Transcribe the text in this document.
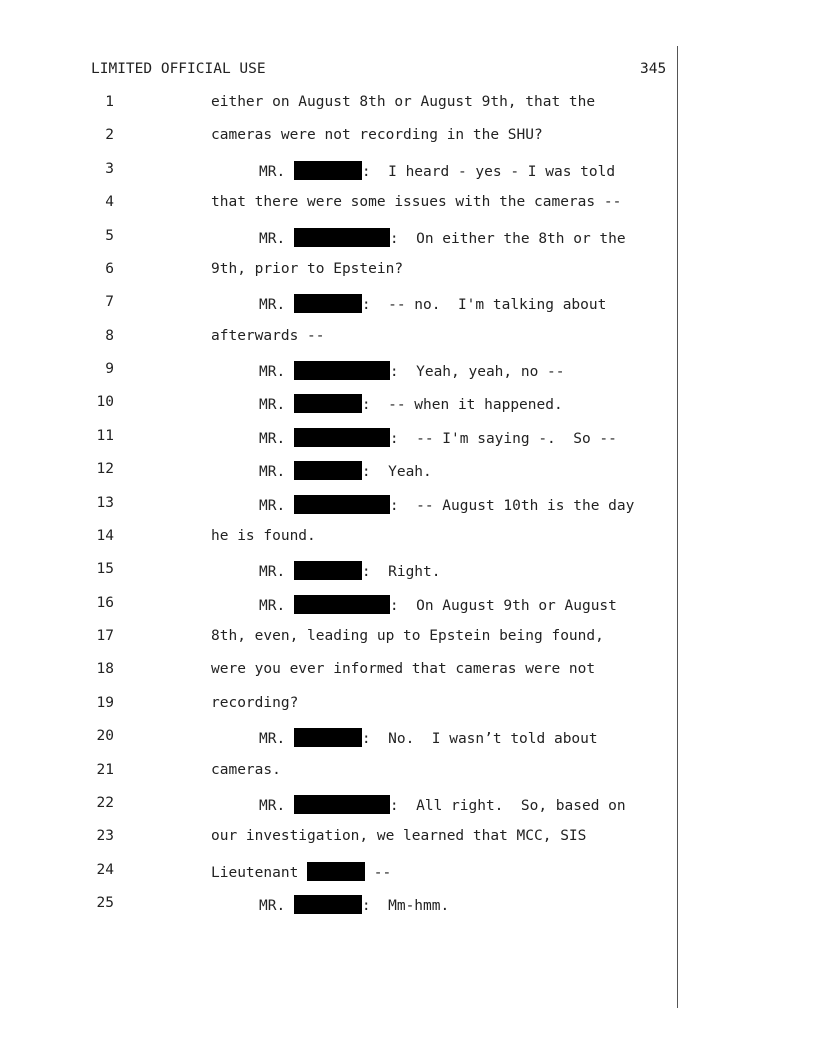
LIMITED OFFICIAL USE	345
1	either on August 8th or August 9th, that the
2	cameras were not recording in the SHU?
3	MR.	:  I heard - yes - I was told
4	that there were some issues with the cameras --
5	MR.	:  On either the 8th or the
6	9th, prior to Epstein?
7	MR.	:  -- no.  I'm talking about
8	afterwards --
9	MR.	:  Yeah, yeah, no --
10	MR.	:  -- when it happened.
11	MR.	:  -- I'm saying -.  So --
12	MR.	:  Yeah.
13	MR.	:  -- August 10th is the day
14	he is found.
15	MR.	:  Right.
16	MR.	:  On August 9th or August
17	8th, even, leading up to Epstein being found,
18	were you ever informed that cameras were not
19	recording?
20	MR.	:  No.  I wasn’t told about
21	cameras.
22	MR.	:  All right.  So, based on
23	our investigation, we learned that MCC, SIS
24	Lieutenant	--
25	MR.	:  Mm-hmm.
